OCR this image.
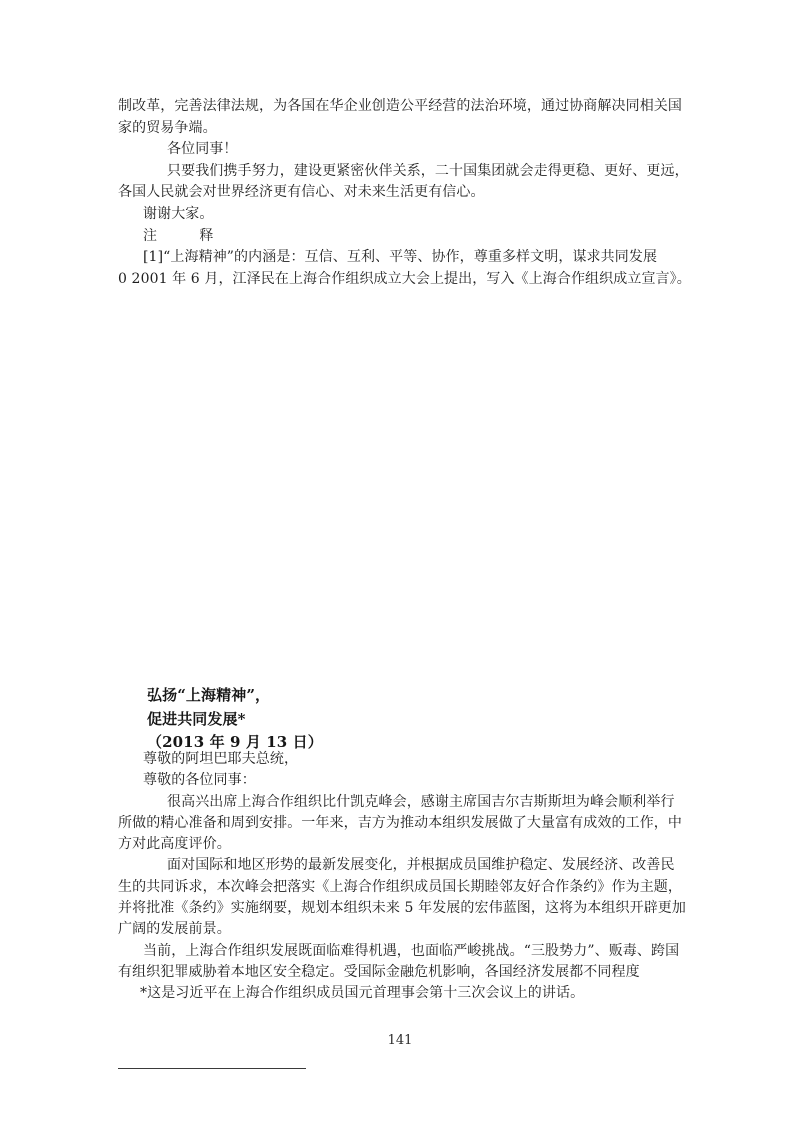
制改革，完善法律法规，为各国在华企业创造公平经营的法治环境，通过协商解决同相关国
家的贸易争端。
各位同事！
只要我们携手努力，建设更紧密伙伴关系，二十国集团就会走得更稳、更好、更远，
各国人民就会对世界经济更有信心、对未来生活更有信心。
谢谢大家。
注　　　释
[1]“上海精神”的内涵是：互信、互利、平等、协作，尊重多样文明，谋求共同发展
0 2001 年 6 月，江泽民在上海合作组织成立大会上提出，写入《上海合作组织成立宣言》。
弘扬“上海精神”，
促进共同发展*
（2013 年 9 月 13 日）
尊敬的阿坦巴耶夫总统，
尊敬的各位同事：
很高兴出席上海合作组织比什凯克峰会，感谢主席国吉尔吉斯斯坦为峰会顺利举行
所做的精心准备和周到安排。一年来，吉方为推动本组织发展做了大量富有成效的工作，中
方对此高度评价。
面对国际和地区形势的最新发展变化，并根据成员国维护稳定、发展经济、改善民
生的共同诉求，本次峰会把落实《上海合作组织成员国长期睦邻友好合作条约》作为主题，
并将批准《条约》实施纲要，规划本组织未来 5 年发展的宏伟蓝图，这将为本组织开辟更加
广阔的发展前景。
当前，上海合作组织发展既面临难得机遇，也面临严峻挑战。“三股势力”、贩毒、跨国
有组织犯罪威胁着本地区安全稳定。受国际金融危机影响，各国经济发展都不同程度
*这是习近平在上海合作组织成员国元首理事会第十三次会议上的讲话。
141
